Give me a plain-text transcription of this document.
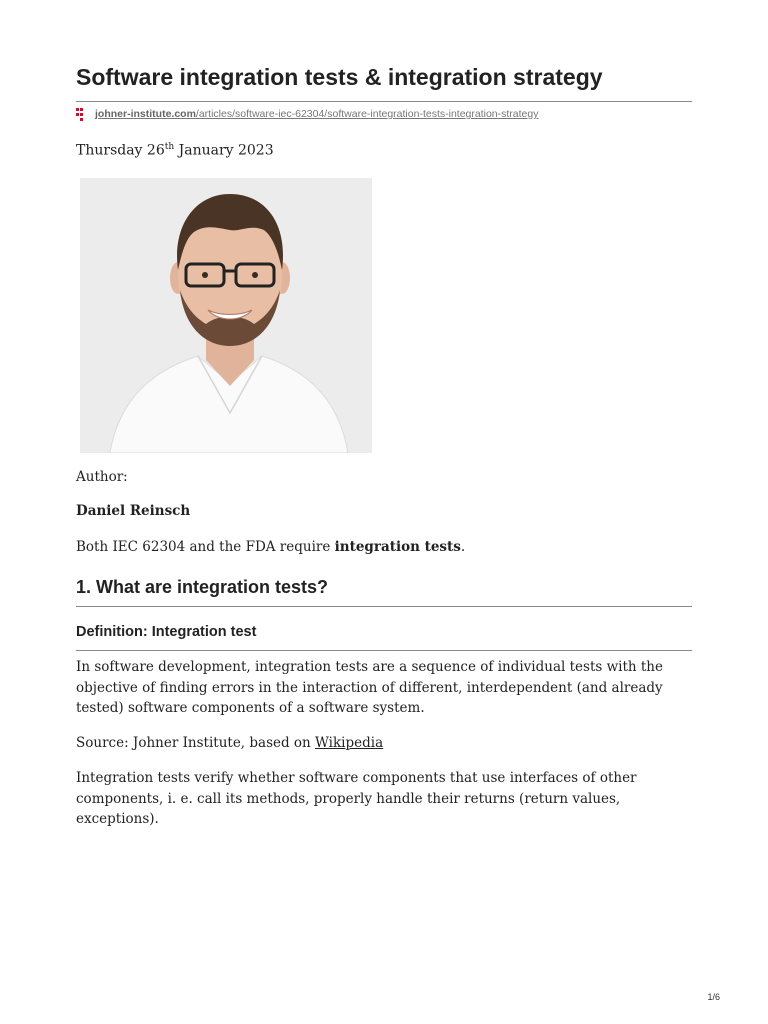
Software integration tests & integration strategy
johner-institute.com/articles/software-iec-62304/software-integration-tests-integration-strategy
Thursday 26th January 2023

Author:

Daniel Reinsch

Both IEC 62304 and the FDA require integration tests.

1. What are integration tests?
Definition: Integration test

In software development, integration tests are a sequence of individual tests with the objective of finding errors in the interaction of different, interdependent (and already tested) software components of a software system.

Source: Johner Institute, based on Wikipedia

Integration tests verify whether software components that use interfaces of other components, i. e. call its methods, properly handle their returns (return values, exceptions).

1/6
